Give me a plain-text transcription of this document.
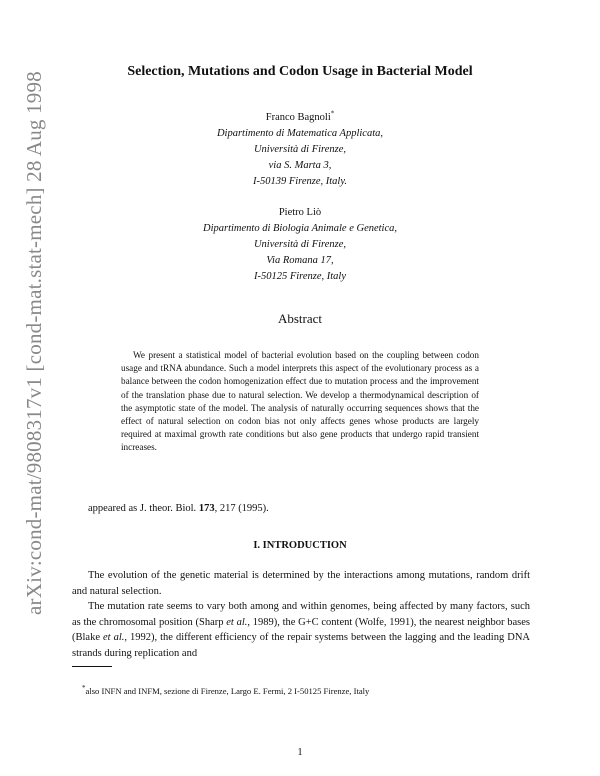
arXiv:cond-mat/9808317v1 [cond-mat.stat-mech] 28 Aug 1998	Selection, Mutations and Codon Usage in Bacterial Model
Franco Bagnoli*
Dipartimento di Matematica Applicata,
Università di Firenze,
via S. Marta 3,
I-50139 Firenze, Italy.
Pietro Liò
Dipartimento di Biologia Animale e Genetica,
Università di Firenze,
Via Romana 17,
I-50125 Firenze, Italy
Abstract
We present a statistical model of bacterial evolution based on the coupling between codon usage and tRNA abundance. Such a model interprets this aspect of the evolutionary process as a balance between the codon homogenization effect due to mutation process and the improvement of the translation phase due to natural selection. We develop a thermodynamical description of the asymptotic state of the model. The analysis of naturally occurring sequences shows that the effect of natural selection on codon bias not only affects genes whose products are largely required at maximal growth rate conditions but also gene products that undergo rapid transient increases.
appeared as J. theor. Biol. 173, 217 (1995).
I. INTRODUCTION
The evolution of the genetic material is determined by the interactions among mutations, random drift and natural selection.
The mutation rate seems to vary both among and within genomes, being affected by many factors, such as the chromosomal position (Sharp et al., 1989), the G+C content (Wolfe, 1991), the nearest neighbor bases (Blake et al., 1992), the different efficiency of the repair systems between the lagging and the leading DNA strands during replication and
*also INFN and INFM, sezione di Firenze, Largo E. Fermi, 2 I-50125 Firenze, Italy
1
